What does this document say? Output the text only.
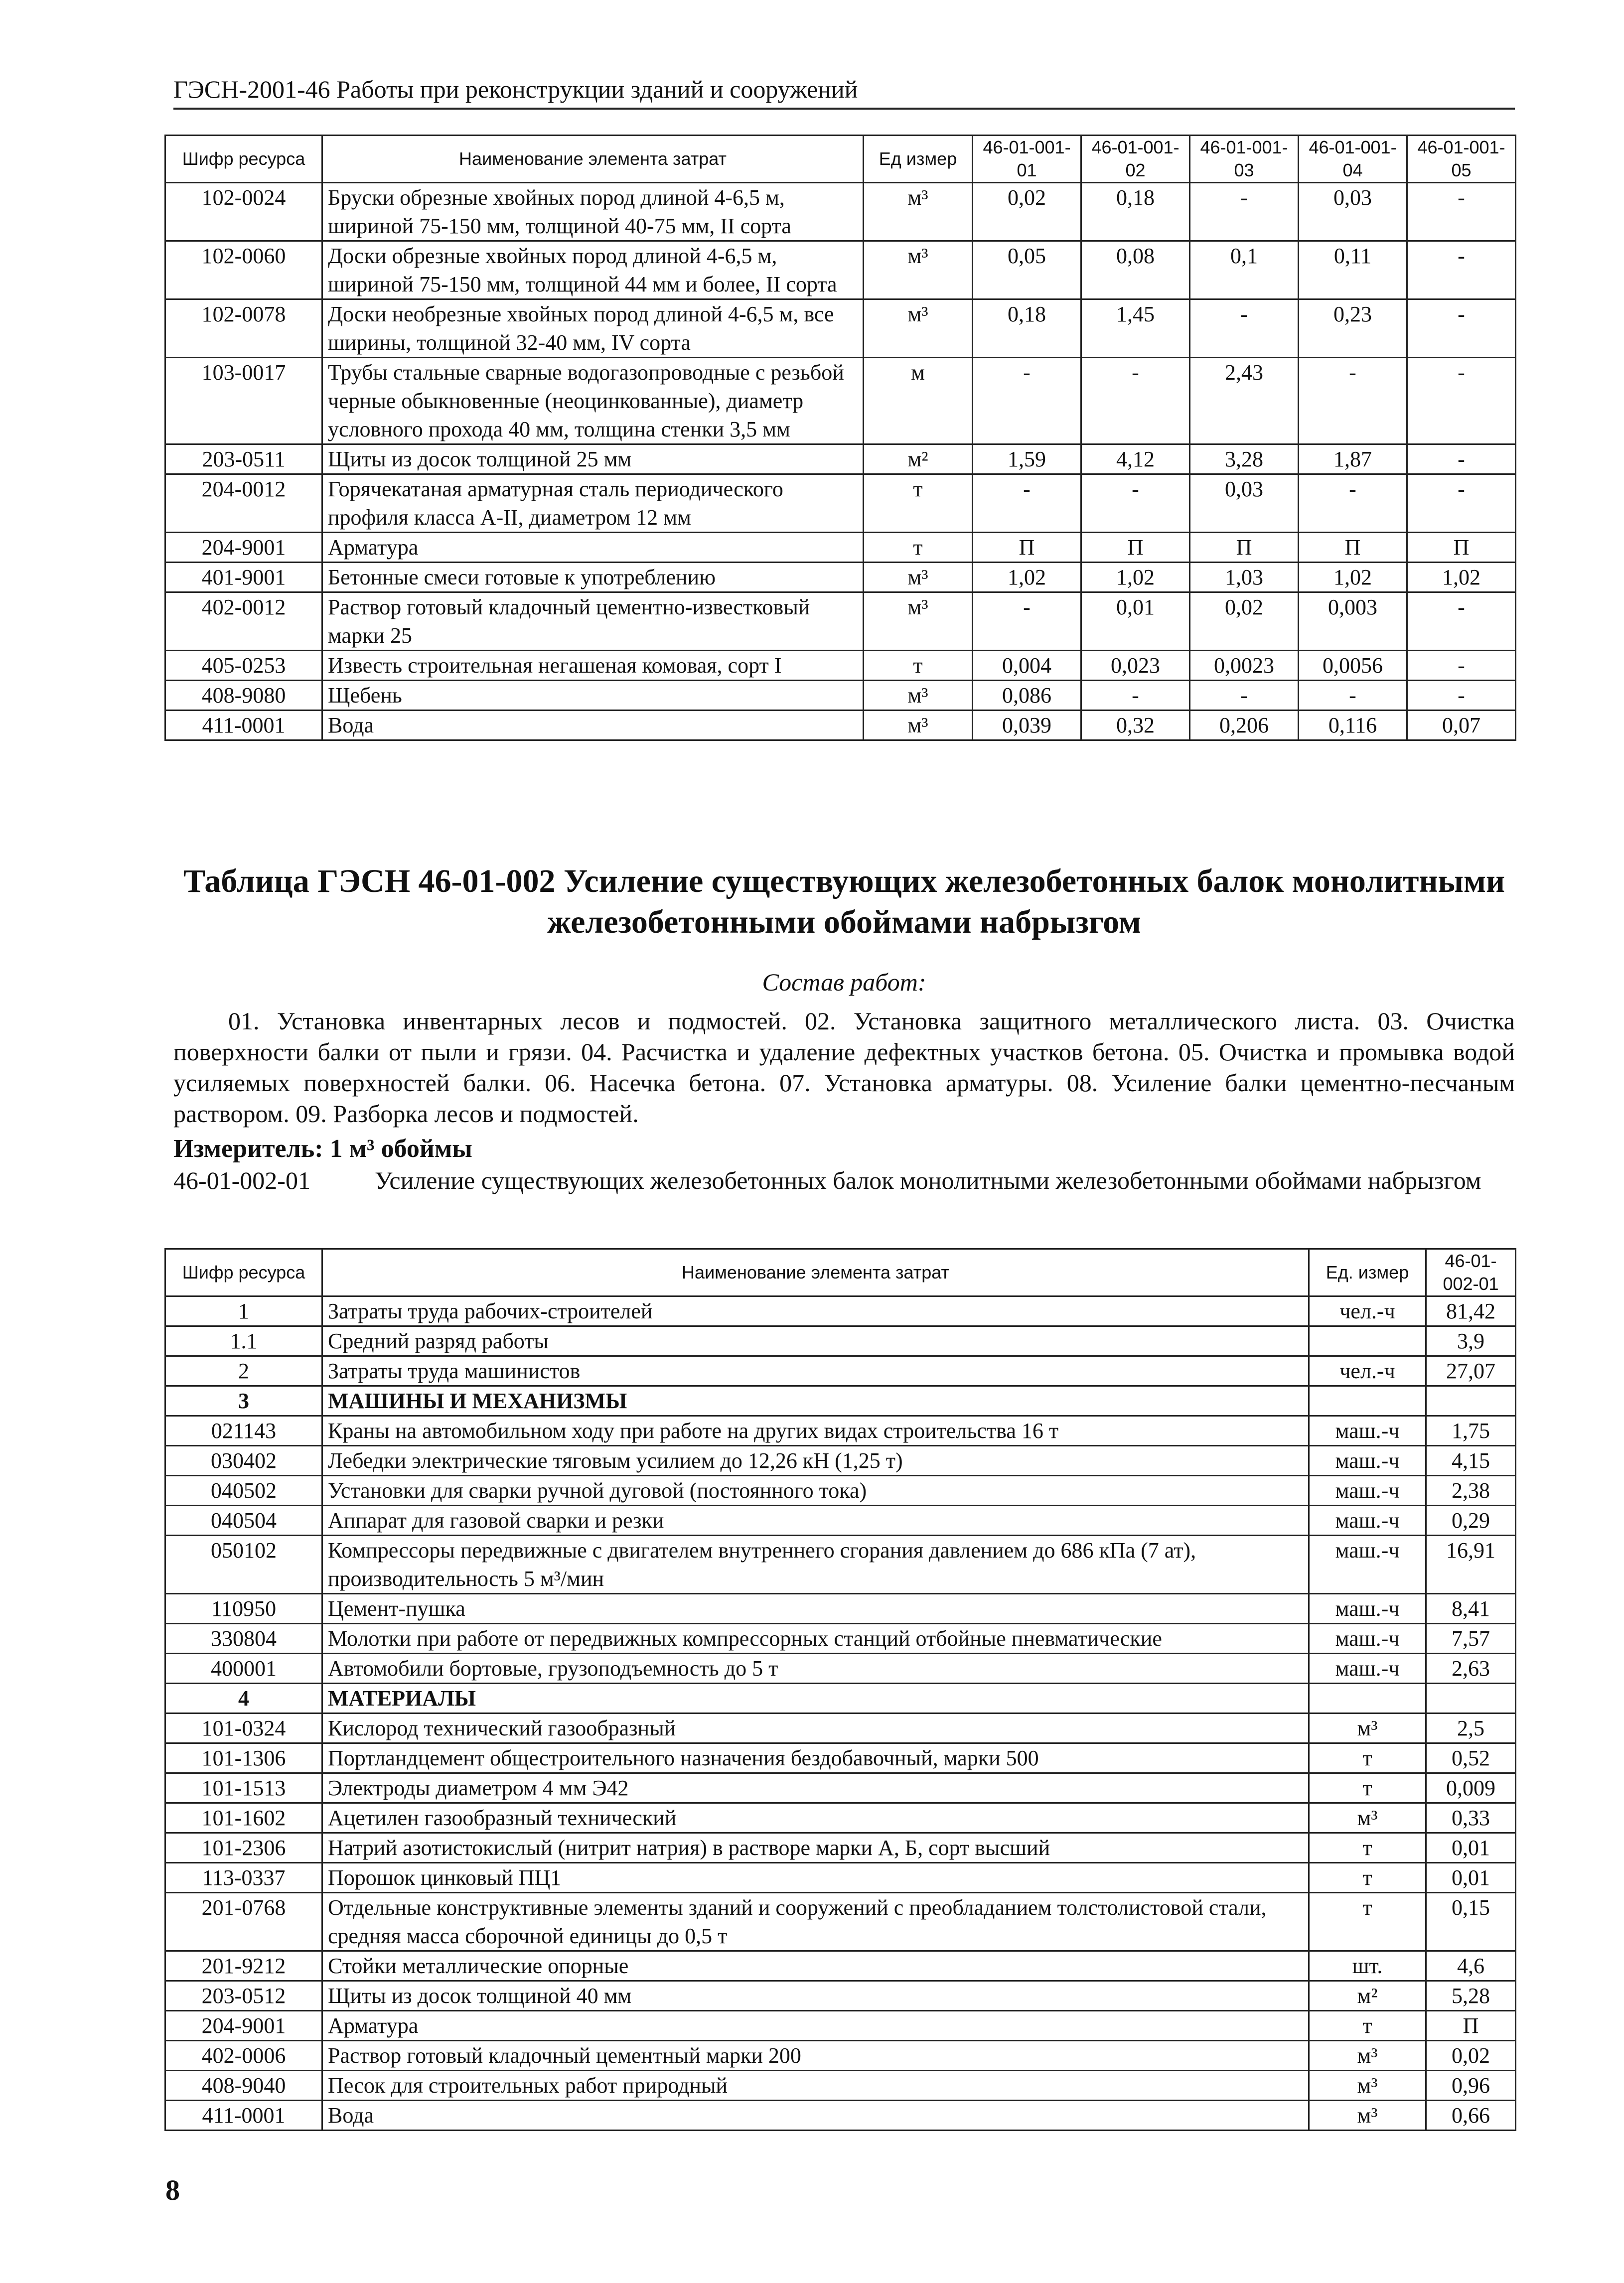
ГЭСН-2001-46 Работы при реконструкции зданий и сооружений
Шифр ресурса	Наименование элемента затрат	Ед измер	46-01-001-01	46-01-001-02	46-01-001-03	46-01-001-04	46-01-001-05
102-0024	Бруски обрезные хвойных пород длиной 4-6,5 м, шириной 75-150 мм, толщиной 40-75 мм, II сорта	м³	0,02	0,18	-	0,03	-
102-0060	Доски обрезные хвойных пород длиной 4-6,5 м, шириной 75-150 мм, толщиной 44 мм и более, II сорта	м³	0,05	0,08	0,1	0,11	-
102-0078	Доски необрезные хвойных пород длиной 4-6,5 м, все ширины, толщиной 32-40 мм, IV сорта	м³	0,18	1,45	-	0,23	-
103-0017	Трубы стальные сварные водогазопроводные с резьбой черные обыкновенные (неоцинкованные), диаметр условного прохода 40 мм, толщина стенки 3,5 мм	м	-	-	2,43	-	-
203-0511	Щиты из досок толщиной 25 мм	м²	1,59	4,12	3,28	1,87	-
204-0012	Горячекатаная арматурная сталь периодического профиля класса А-II, диаметром 12 мм	т	-	-	0,03	-	-
204-9001	Арматура	т	П	П	П	П	П
401-9001	Бетонные смеси готовые к употреблению	м³	1,02	1,02	1,03	1,02	1,02
402-0012	Раствор готовый кладочный цементно-известковый марки 25	м³	-	0,01	0,02	0,003	-
405-0253	Известь строительная негашеная комовая, сорт I	т	0,004	0,023	0,0023	0,0056	-
408-9080	Щебень	м³	0,086	-	-	-	-
411-0001	Вода	м³	0,039	0,32	0,206	0,116	0,07
Таблица ГЭСН 46-01-002 Усиление существующих железобетонных балок монолитными железобетонными обоймами набрызгом
Состав работ:
01. Установка инвентарных лесов и подмостей. 02. Установка защитного металлического листа. 03. Очистка поверхности балки от пыли и грязи. 04. Расчистка и удаление дефектных участков бетона. 05. Очистка и промывка водой усиляемых поверхностей балки. 06. Насечка бетона. 07. Установка арматуры. 08. Усиление балки цементно-песчаным раствором. 09. Разборка лесов и подмостей.
Измеритель: 1 м³ обоймы
46-01-002-01	Усиление существующих железобетонных балок монолитными железобетонными обоймами набрызгом
Шифр ресурса	Наименование элемента затрат	Ед. измер	46-01-002-01
1	Затраты труда рабочих-строителей	чел.-ч	81,42
1.1	Средний разряд работы		3,9
2	Затраты труда машинистов	чел.-ч	27,07
3	МАШИНЫ И МЕХАНИЗМЫ		
021143	Краны на автомобильном ходу при работе на других видах строительства 16 т	маш.-ч	1,75
030402	Лебедки электрические тяговым усилием до 12,26 кН (1,25 т)	маш.-ч	4,15
040502	Установки для сварки ручной дуговой (постоянного тока)	маш.-ч	2,38
040504	Аппарат для газовой сварки и резки	маш.-ч	0,29
050102	Компрессоры передвижные с двигателем внутреннего сгорания давлением до 686 кПа (7 ат), производительность 5 м³/мин	маш.-ч	16,91
110950	Цемент-пушка	маш.-ч	8,41
330804	Молотки при работе от передвижных компрессорных станций отбойные пневматические	маш.-ч	7,57
400001	Автомобили бортовые, грузоподъемность до 5 т	маш.-ч	2,63
4	МАТЕРИАЛЫ		
101-0324	Кислород технический газообразный	м³	2,5
101-1306	Портландцемент общестроительного назначения бездобавочный, марки 500	т	0,52
101-1513	Электроды диаметром 4 мм Э42	т	0,009
101-1602	Ацетилен газообразный технический	м³	0,33
101-2306	Натрий азотистокислый (нитрит натрия) в растворе марки А, Б, сорт высший	т	0,01
113-0337	Порошок цинковый ПЦ1	т	0,01
201-0768	Отдельные конструктивные элементы зданий и сооружений с преобладанием толстолистовой стали, средняя масса сборочной единицы до 0,5 т	т	0,15
201-9212	Стойки металлические опорные	шт.	4,6
203-0512	Щиты из досок толщиной 40 мм	м²	5,28
204-9001	Арматура	т	П
402-0006	Раствор готовый кладочный цементный марки 200	м³	0,02
408-9040	Песок для строительных работ природный	м³	0,96
411-0001	Вода	м³	0,66
8
